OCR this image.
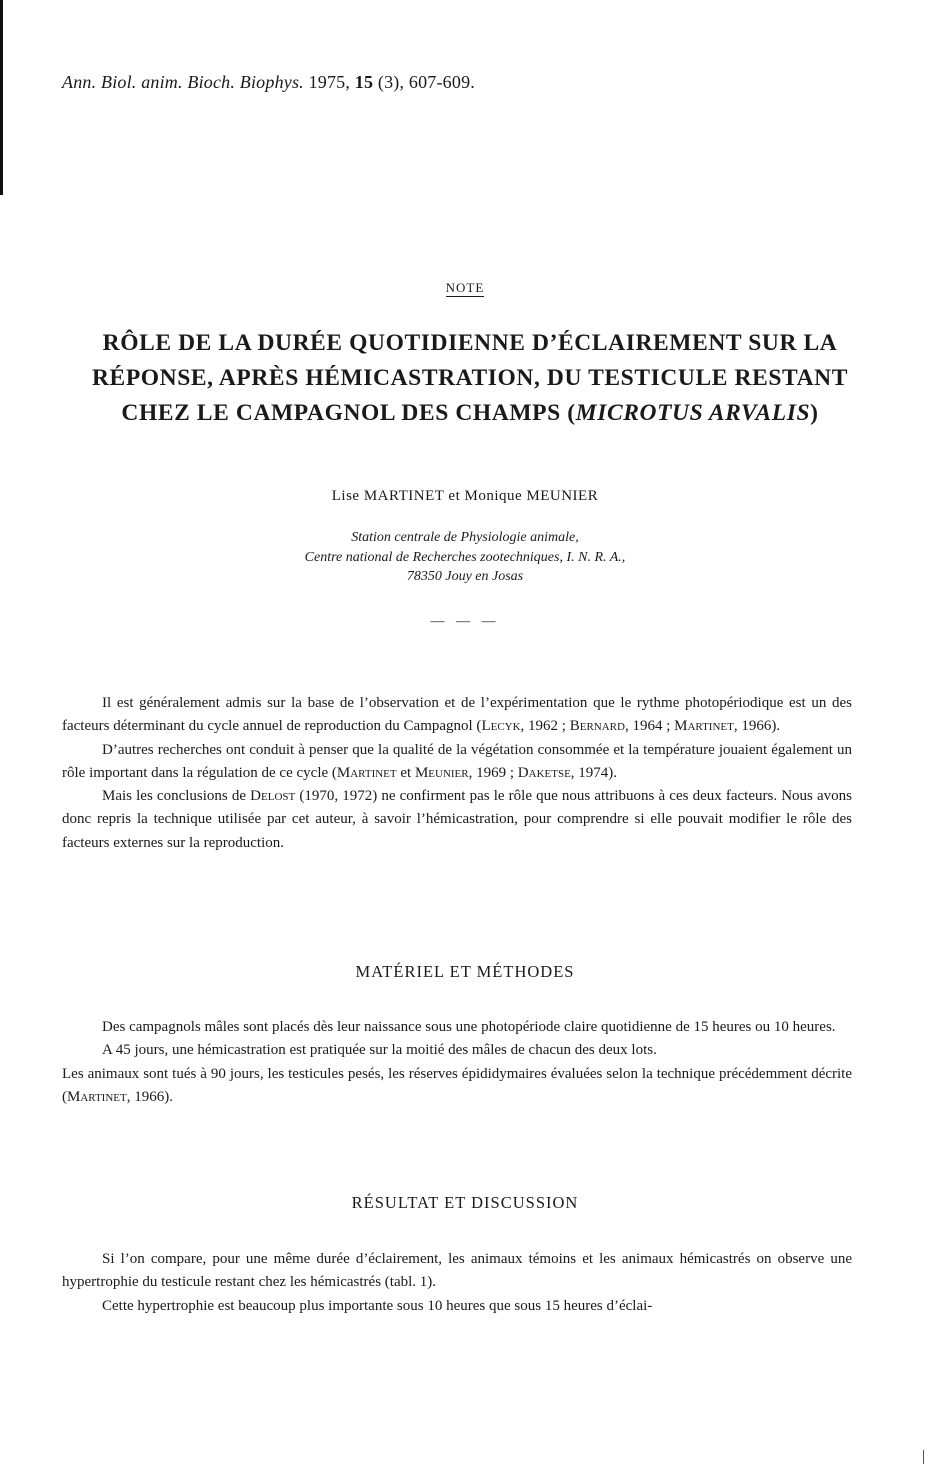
Ann. Biol. anim. Bioch. Biophys. 1975, 15 (3), 607-609.
NOTE
RÔLE DE LA DURÉE QUOTIDIENNE D’ÉCLAIREMENT SUR LA RÉPONSE, APRÈS HÉMICASTRATION, DU TESTICULE RESTANT CHEZ LE CAMPAGNOL DES CHAMPS (MICROTUS ARVALIS)
Lise MARTINET et Monique MEUNIER
Station centrale de Physiologie animale,
Centre national de Recherches zootechniques, I. N. R. A.,
78350 Jouy en Josas
— — —

Il est généralement admis sur la base de l’observation et de l’expérimentation que le rythme photopériodique est un des facteurs déterminant du cycle annuel de reproduction du Campagnol (Lecyk, 1962 ; Bernard, 1964 ; Martinet, 1966).

D’autres recherches ont conduit à penser que la qualité de la végétation consommée et la température jouaient également un rôle important dans la régulation de ce cycle (Martinet et Meunier, 1969 ; Daketse, 1974).

Mais les conclusions de Delost (1970, 1972) ne confirment pas le rôle que nous attribuons à ces deux facteurs. Nous avons donc repris la technique utilisée par cet auteur, à savoir l’hémicastration, pour comprendre si elle pouvait modifier le rôle des facteurs externes sur la reproduction.

MATÉRIEL ET MÉTHODES

Des campagnols mâles sont placés dès leur naissance sous une photopériode claire quotidienne de 15 heures ou 10 heures.

A 45 jours, une hémicastration est pratiquée sur la moitié des mâles de chacun des deux lots.

Les animaux sont tués à 90 jours, les testicules pesés, les réserves épididymaires évaluées selon la technique précédemment décrite (Martinet, 1966).

RÉSULTAT ET DISCUSSION

Si l’on compare, pour une même durée d’éclairement, les animaux témoins et les animaux hémicastrés on observe une hypertrophie du testicule restant chez les hémicastrés (tabl. 1).

Cette hypertrophie est beaucoup plus importante sous 10 heures que sous 15 heures d’éclai-
